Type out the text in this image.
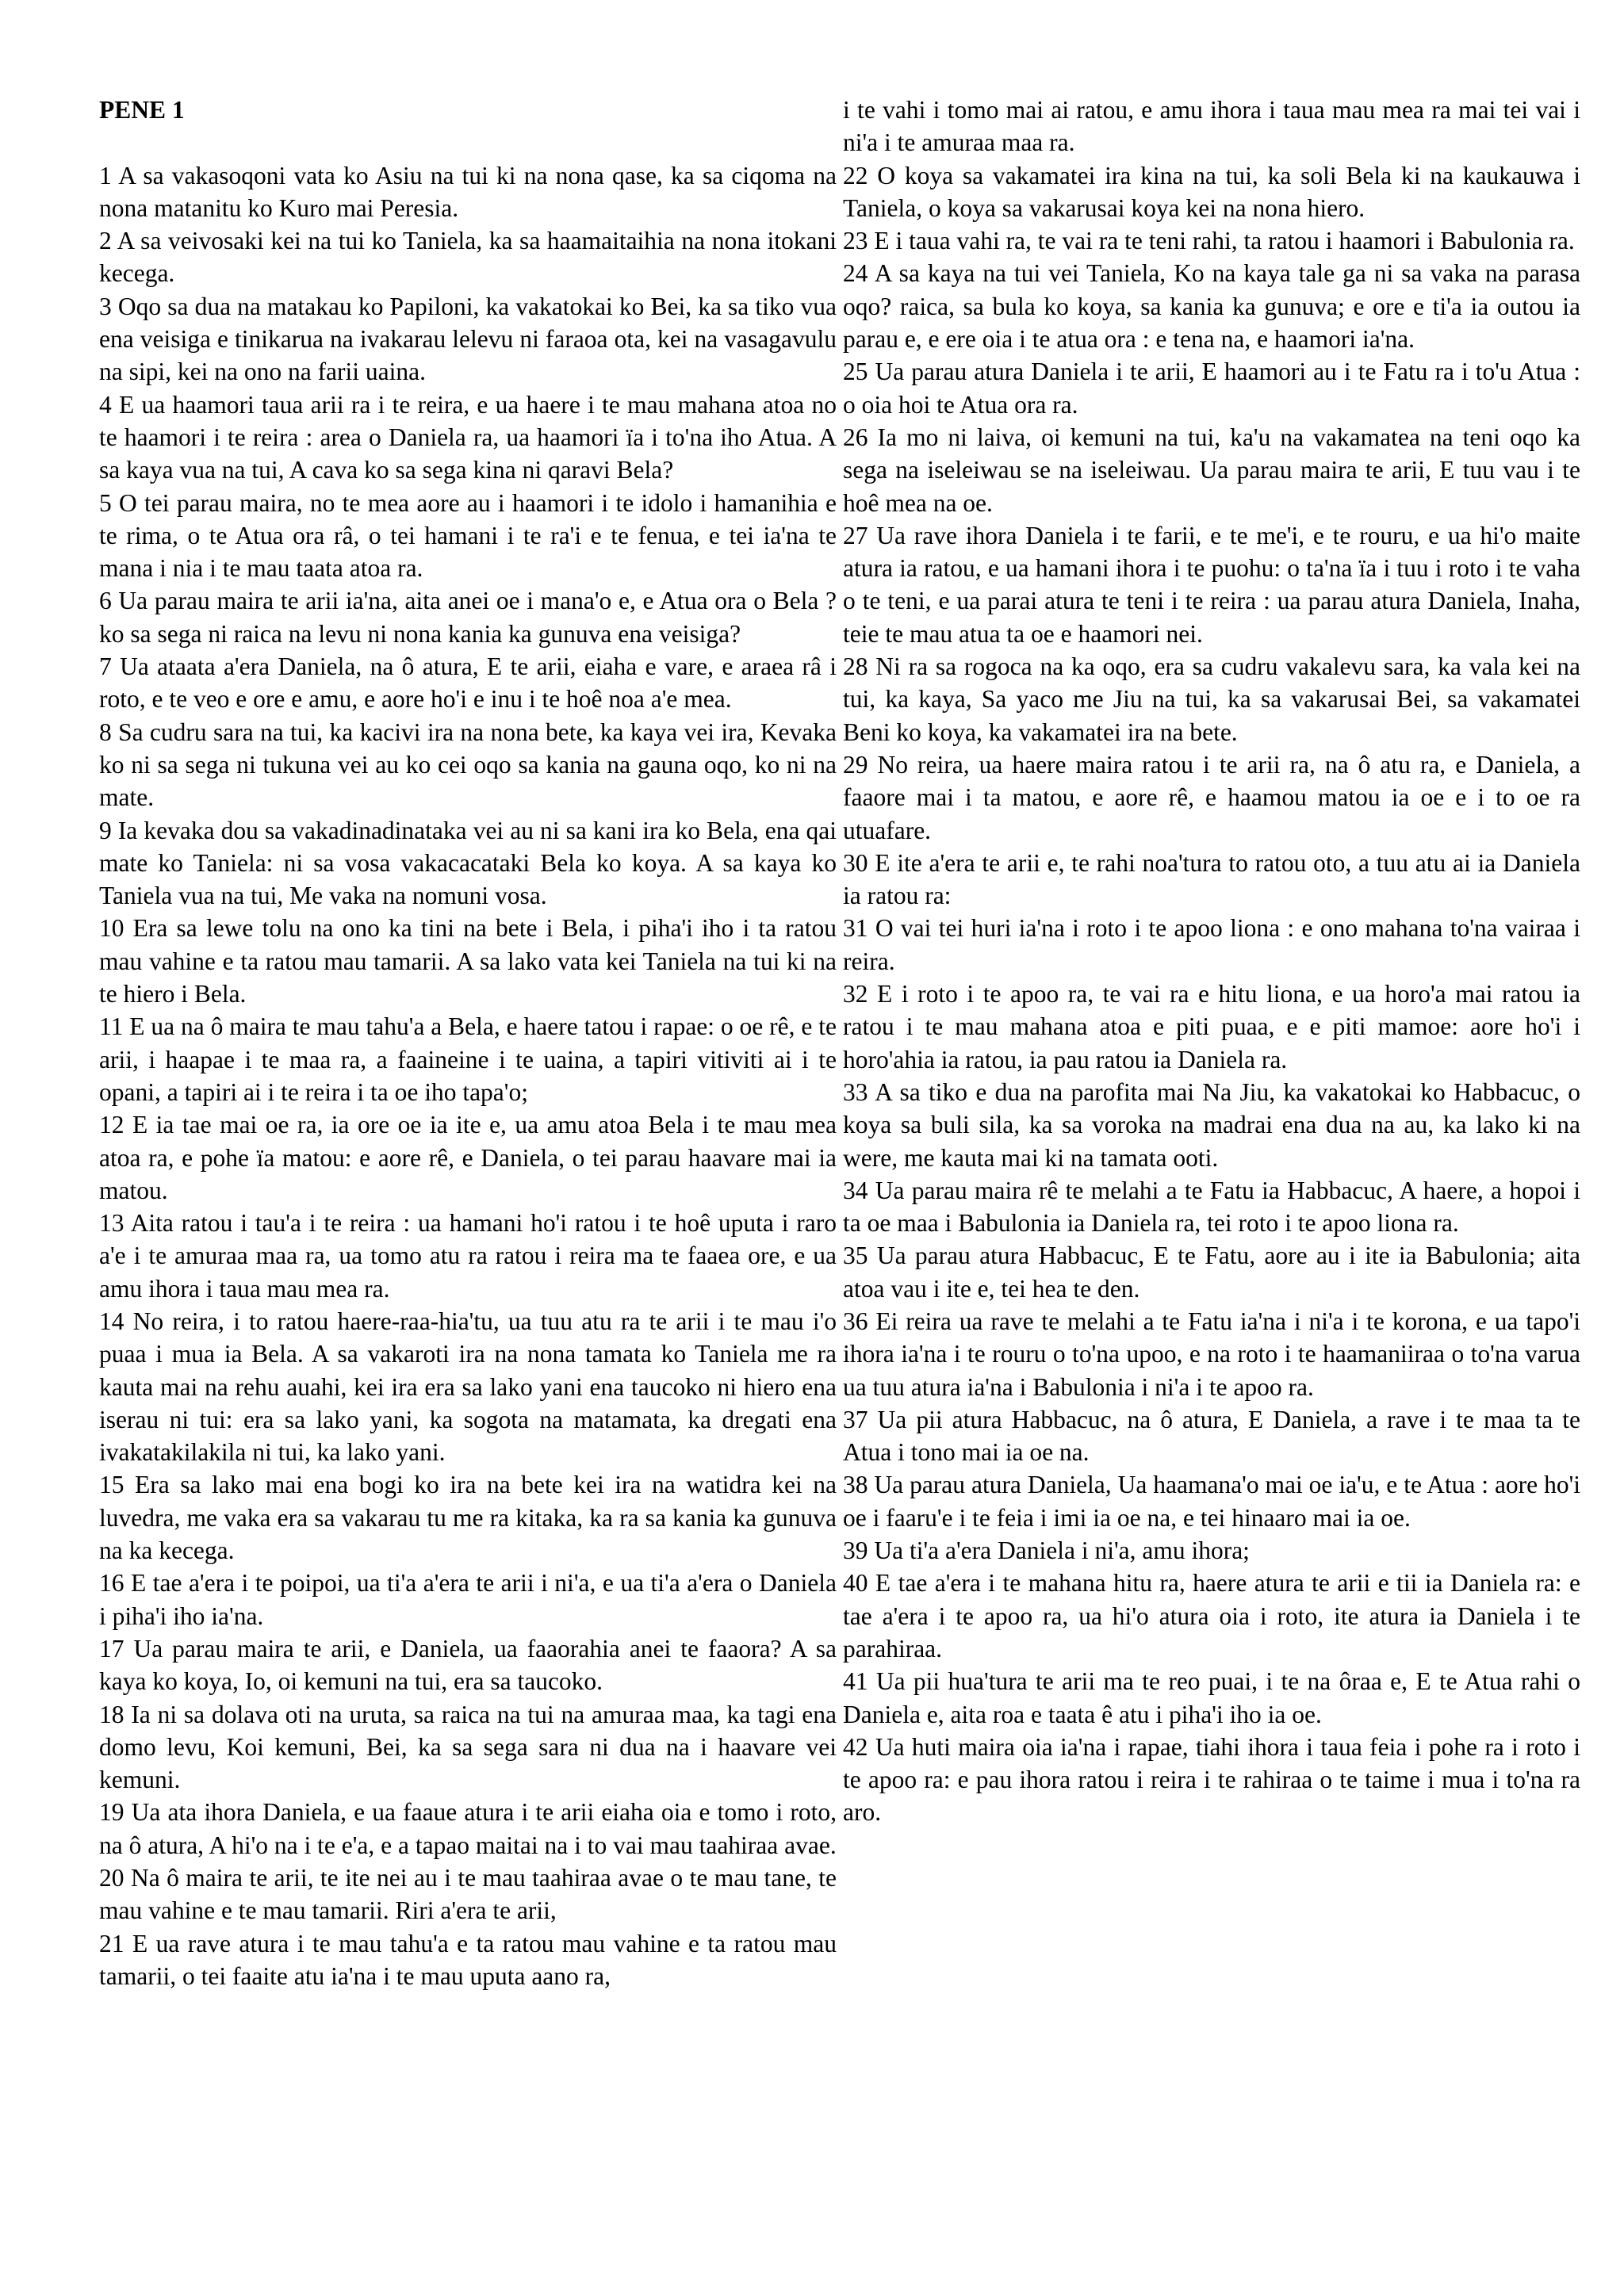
PENE 1

1 A sa vakasoqoni vata ko Asiu na tui ki na nona qase, ka sa ciqoma na nona matanitu ko Kuro mai Peresia.

2 A sa veivosaki kei na tui ko Taniela, ka sa haamaitaihia na nona itokani kecega.

3 Oqo sa dua na matakau ko Papiloni, ka vakatokai ko Bei, ka sa tiko vua ena veisiga e tinikarua na ivakarau lelevu ni faraoa ota, kei na vasagavulu na sipi, kei na ono na farii uaina.

4 E ua haamori taua arii ra i te reira, e ua haere i te mau mahana atoa no te haamori i te reira : area o Daniela ra, ua haamori ïa i to'na iho Atua. A sa kaya vua na tui, A cava ko sa sega kina ni qaravi Bela?

5 O tei parau maira, no te mea aore au i haamori i te idolo i hamanihia e te rima, o te Atua ora râ, o tei hamani i te ra'i e te fenua, e tei ia'na te mana i nia i te mau taata atoa ra.

6 Ua parau maira te arii ia'na, aita anei oe i mana'o e, e Atua ora o Bela ? ko sa sega ni raica na levu ni nona kania ka gunuva ena veisiga?

7 Ua ataata a'era Daniela, na ô atura, E te arii, eiaha e vare, e araea râ i roto, e te veo e ore e amu, e aore ho'i e inu i te hoê noa a'e mea.

8 Sa cudru sara na tui, ka kacivi ira na nona bete, ka kaya vei ira, Kevaka ko ni sa sega ni tukuna vei au ko cei oqo sa kania na gauna oqo, ko ni na mate.

9 Ia kevaka dou sa vakadinadinataka vei au ni sa kani ira ko Bela, ena qai mate ko Taniela: ni sa vosa vakacacataki Bela ko koya. A sa kaya ko Taniela vua na tui, Me vaka na nomuni vosa.

10 Era sa lewe tolu na ono ka tini na bete i Bela, i piha'i iho i ta ratou mau vahine e ta ratou mau tamarii. A sa lako vata kei Taniela na tui ki na te hiero i Bela.

11 E ua na ô maira te mau tahu'a a Bela, e haere tatou i rapae: o oe rê, e te arii, i haapae i te maa ra, a faaineine i te uaina, a tapiri vitiviti ai i te opani, a tapiri ai i te reira i ta oe iho tapa'o;

12 E ia tae mai oe ra, ia ore oe ia ite e, ua amu atoa Bela i te mau mea atoa ra, e pohe ïa matou: e aore rê, e Daniela, o tei parau haavare mai ia matou.

13 Aita ratou i tau'a i te reira : ua hamani ho'i ratou i te hoê uputa i raro a'e i te amuraa maa ra, ua tomo atu ra ratou i reira ma te faaea ore, e ua amu ihora i taua mau mea ra.

14 No reira, i to ratou haere-raa-hia'tu, ua tuu atu ra te arii i te mau i'o puaa i mua ia Bela. A sa vakaroti ira na nona tamata ko Taniela me ra kauta mai na rehu auahi, kei ira era sa lako yani ena taucoko ni hiero ena iserau ni tui: era sa lako yani, ka sogota na matamata, ka dregati ena ivakatakilakila ni tui, ka lako yani.

15 Era sa lako mai ena bogi ko ira na bete kei ira na watidra kei na luvedra, me vaka era sa vakarau tu me ra kitaka, ka ra sa kania ka gunuva na ka kecega.

16 E tae a'era i te poipoi, ua ti'a a'era te arii i ni'a, e ua ti'a a'era o Daniela i piha'i iho ia'na.

17 Ua parau maira te arii, e Daniela, ua faaorahia anei te faaora? A sa kaya ko koya, Io, oi kemuni na tui, era sa taucoko.

18 Ia ni sa dolava oti na uruta, sa raica na tui na amuraa maa, ka tagi ena domo levu, Koi kemuni, Bei, ka sa sega sara ni dua na i haavare vei kemuni.

19 Ua ata ihora Daniela, e ua faaue atura i te arii eiaha oia e tomo i roto, na ô atura, A hi'o na i te e'a, e a tapao maitai na i to vai mau taahiraa avae.

20 Na ô maira te arii, te ite nei au i te mau taahiraa avae o te mau tane, te mau vahine e te mau tamarii. Riri a'era te arii,

21 E ua rave atura i te mau tahu'a e ta ratou mau vahine e ta ratou mau tamarii, o tei faaite atu ia'na i te mau uputa aano ra,

i te vahi i tomo mai ai ratou, e amu ihora i taua mau mea ra mai tei vai i ni'a i te amuraa maa ra.

22 O koya sa vakamatei ira kina na tui, ka soli Bela ki na kaukauwa i Taniela, o koya sa vakarusai koya kei na nona hiero.

23 E i taua vahi ra, te vai ra te teni rahi, ta ratou i haamori i Babulonia ra.

24 A sa kaya na tui vei Taniela, Ko na kaya tale ga ni sa vaka na parasa oqo? raica, sa bula ko koya, sa kania ka gunuva; e ore e ti'a ia outou ia parau e, e ere oia i te atua ora : e tena na, e haamori ia'na.

25 Ua parau atura Daniela i te arii, E haamori au i te Fatu ra i to'u Atua : o oia hoi te Atua ora ra.

26 Ia mo ni laiva, oi kemuni na tui, ka'u na vakamatea na teni oqo ka sega na iseleiwau se na iseleiwau. Ua parau maira te arii, E tuu vau i te hoê mea na oe.

27 Ua rave ihora Daniela i te farii, e te me'i, e te rouru, e ua hi'o maite atura ia ratou, e ua hamani ihora i te puohu: o ta'na ïa i tuu i roto i te vaha o te teni, e ua parai atura te teni i te reira : ua parau atura Daniela, Inaha, teie te mau atua ta oe e haamori nei.

28 Ni ra sa rogoca na ka oqo, era sa cudru vakalevu sara, ka vala kei na tui, ka kaya, Sa yaco me Jiu na tui, ka sa vakarusai Bei, sa vakamatei Beni ko koya, ka vakamatei ira na bete.

29 No reira, ua haere maira ratou i te arii ra, na ô atu ra, e Daniela, a faaore mai i ta matou, e aore rê, e haamou matou ia oe e i to oe ra utuafare.

30 E ite a'era te arii e, te rahi noa'tura to ratou oto, a tuu atu ai ia Daniela ia ratou ra:

31 O vai tei huri ia'na i roto i te apoo liona : e ono mahana to'na vairaa i reira.

32 E i roto i te apoo ra, te vai ra e hitu liona, e ua horo'a mai ratou ia ratou i te mau mahana atoa e piti puaa, e e piti mamoe: aore ho'i i horo'ahia ia ratou, ia pau ratou ia Daniela ra.

33 A sa tiko e dua na parofita mai Na Jiu, ka vakatokai ko Habbacuc, o koya sa buli sila, ka sa voroka na madrai ena dua na au, ka lako ki na were, me kauta mai ki na tamata ooti.

34 Ua parau maira rê te melahi a te Fatu ia Habbacuc, A haere, a hopoi i ta oe maa i Babulonia ia Daniela ra, tei roto i te apoo liona ra.

35 Ua parau atura Habbacuc, E te Fatu, aore au i ite ia Babulonia; aita atoa vau i ite e, tei hea te den.

36 Ei reira ua rave te melahi a te Fatu ia'na i ni'a i te korona, e ua tapo'i ihora ia'na i te rouru o to'na upoo, e na roto i te haamaniiraa o to'na varua ua tuu atura ia'na i Babulonia i ni'a i te apoo ra.

37 Ua pii atura Habbacuc, na ô atura, E Daniela, a rave i te maa ta te Atua i tono mai ia oe na.

38 Ua parau atura Daniela, Ua haamana'o mai oe ia'u, e te Atua : aore ho'i oe i faaru'e i te feia i imi ia oe na, e tei hinaaro mai ia oe.

39 Ua ti'a a'era Daniela i ni'a, amu ihora;

40 E tae a'era i te mahana hitu ra, haere atura te arii e tii ia Daniela ra: e tae a'era i te apoo ra, ua hi'o atura oia i roto, ite atura ia Daniela i te parahiraa.

41 Ua pii hua'tura te arii ma te reo puai, i te na ôraa e, E te Atua rahi o Daniela e, aita roa e taata ê atu i piha'i iho ia oe.

42 Ua huti maira oia ia'na i rapae, tiahi ihora i taua feia i pohe ra i roto i te apoo ra: e pau ihora ratou i reira i te rahiraa o te taime i mua i to'na ra aro.
